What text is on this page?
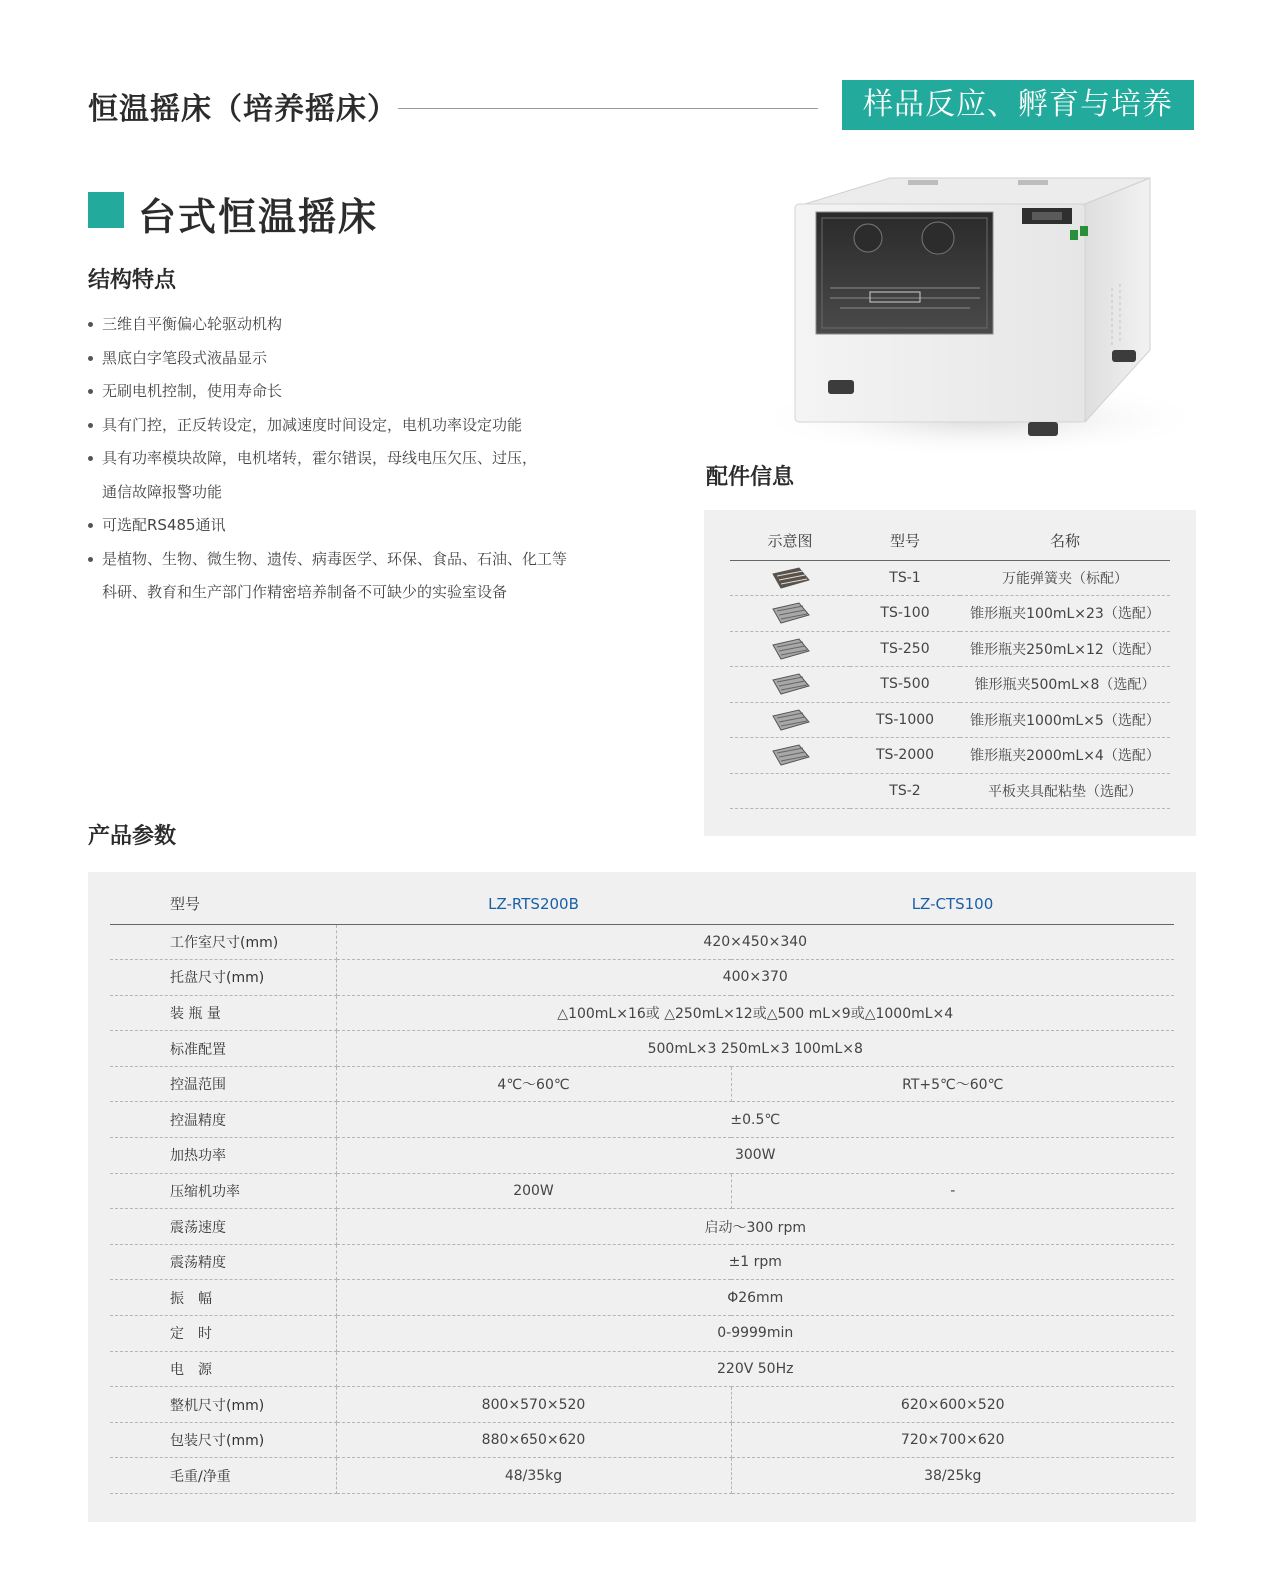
恒温摇床（培养摇床）	样品反应、孵育与培养
台式恒温摇床
结构特点
三维自平衡偏心轮驱动机构
黑底白字笔段式液晶显示
无刷电机控制，使用寿命长
具有门控，正反转设定，加减速度时间设定，电机功率设定功能
具有功率模块故障，电机堵转，霍尔错误，母线电压欠压、过压，
通信故障报警功能
可选配RS485通讯
是植物、生物、微生物、遗传、病毒医学、环保、食品、石油、化工等
科研、教育和生产部门作精密培养制备不可缺少的实验室设备
配件信息
示意图	型号	名称
	TS-1	万能弹簧夹（标配）
	TS-100	锥形瓶夹100mL×23（选配）
	TS-250	锥形瓶夹250mL×12（选配）
	TS-500	锥形瓶夹500mL×8（选配）
	TS-1000	锥形瓶夹1000mL×5（选配）
	TS-2000	锥形瓶夹2000mL×4（选配）
	TS-2	平板夹具配粘垫（选配）
产品参数
型号	LZ-RTS200B	LZ-CTS100
工作室尺寸(mm)	420×450×340	
托盘尺寸(mm)	400×370	
装 瓶 量	△100mL×16或 △250mL×12或△500 mL×9或△1000mL×4	
标准配置	500mL×3 250mL×3 100mL×8	
控温范围	4℃～60℃	RT+5℃～60℃
控温精度	±0.5℃	
加热功率	300W	
压缩机功率	200W	-
震荡速度	启动～300 rpm	
震荡精度	±1 rpm	
振　幅	Φ26mm	
定　时	0-9999min	
电　源	220V 50Hz	
整机尺寸(mm)	800×570×520	620×600×520
包装尺寸(mm)	880×650×620	720×700×620
毛重/净重	48/35kg	38/25kg
